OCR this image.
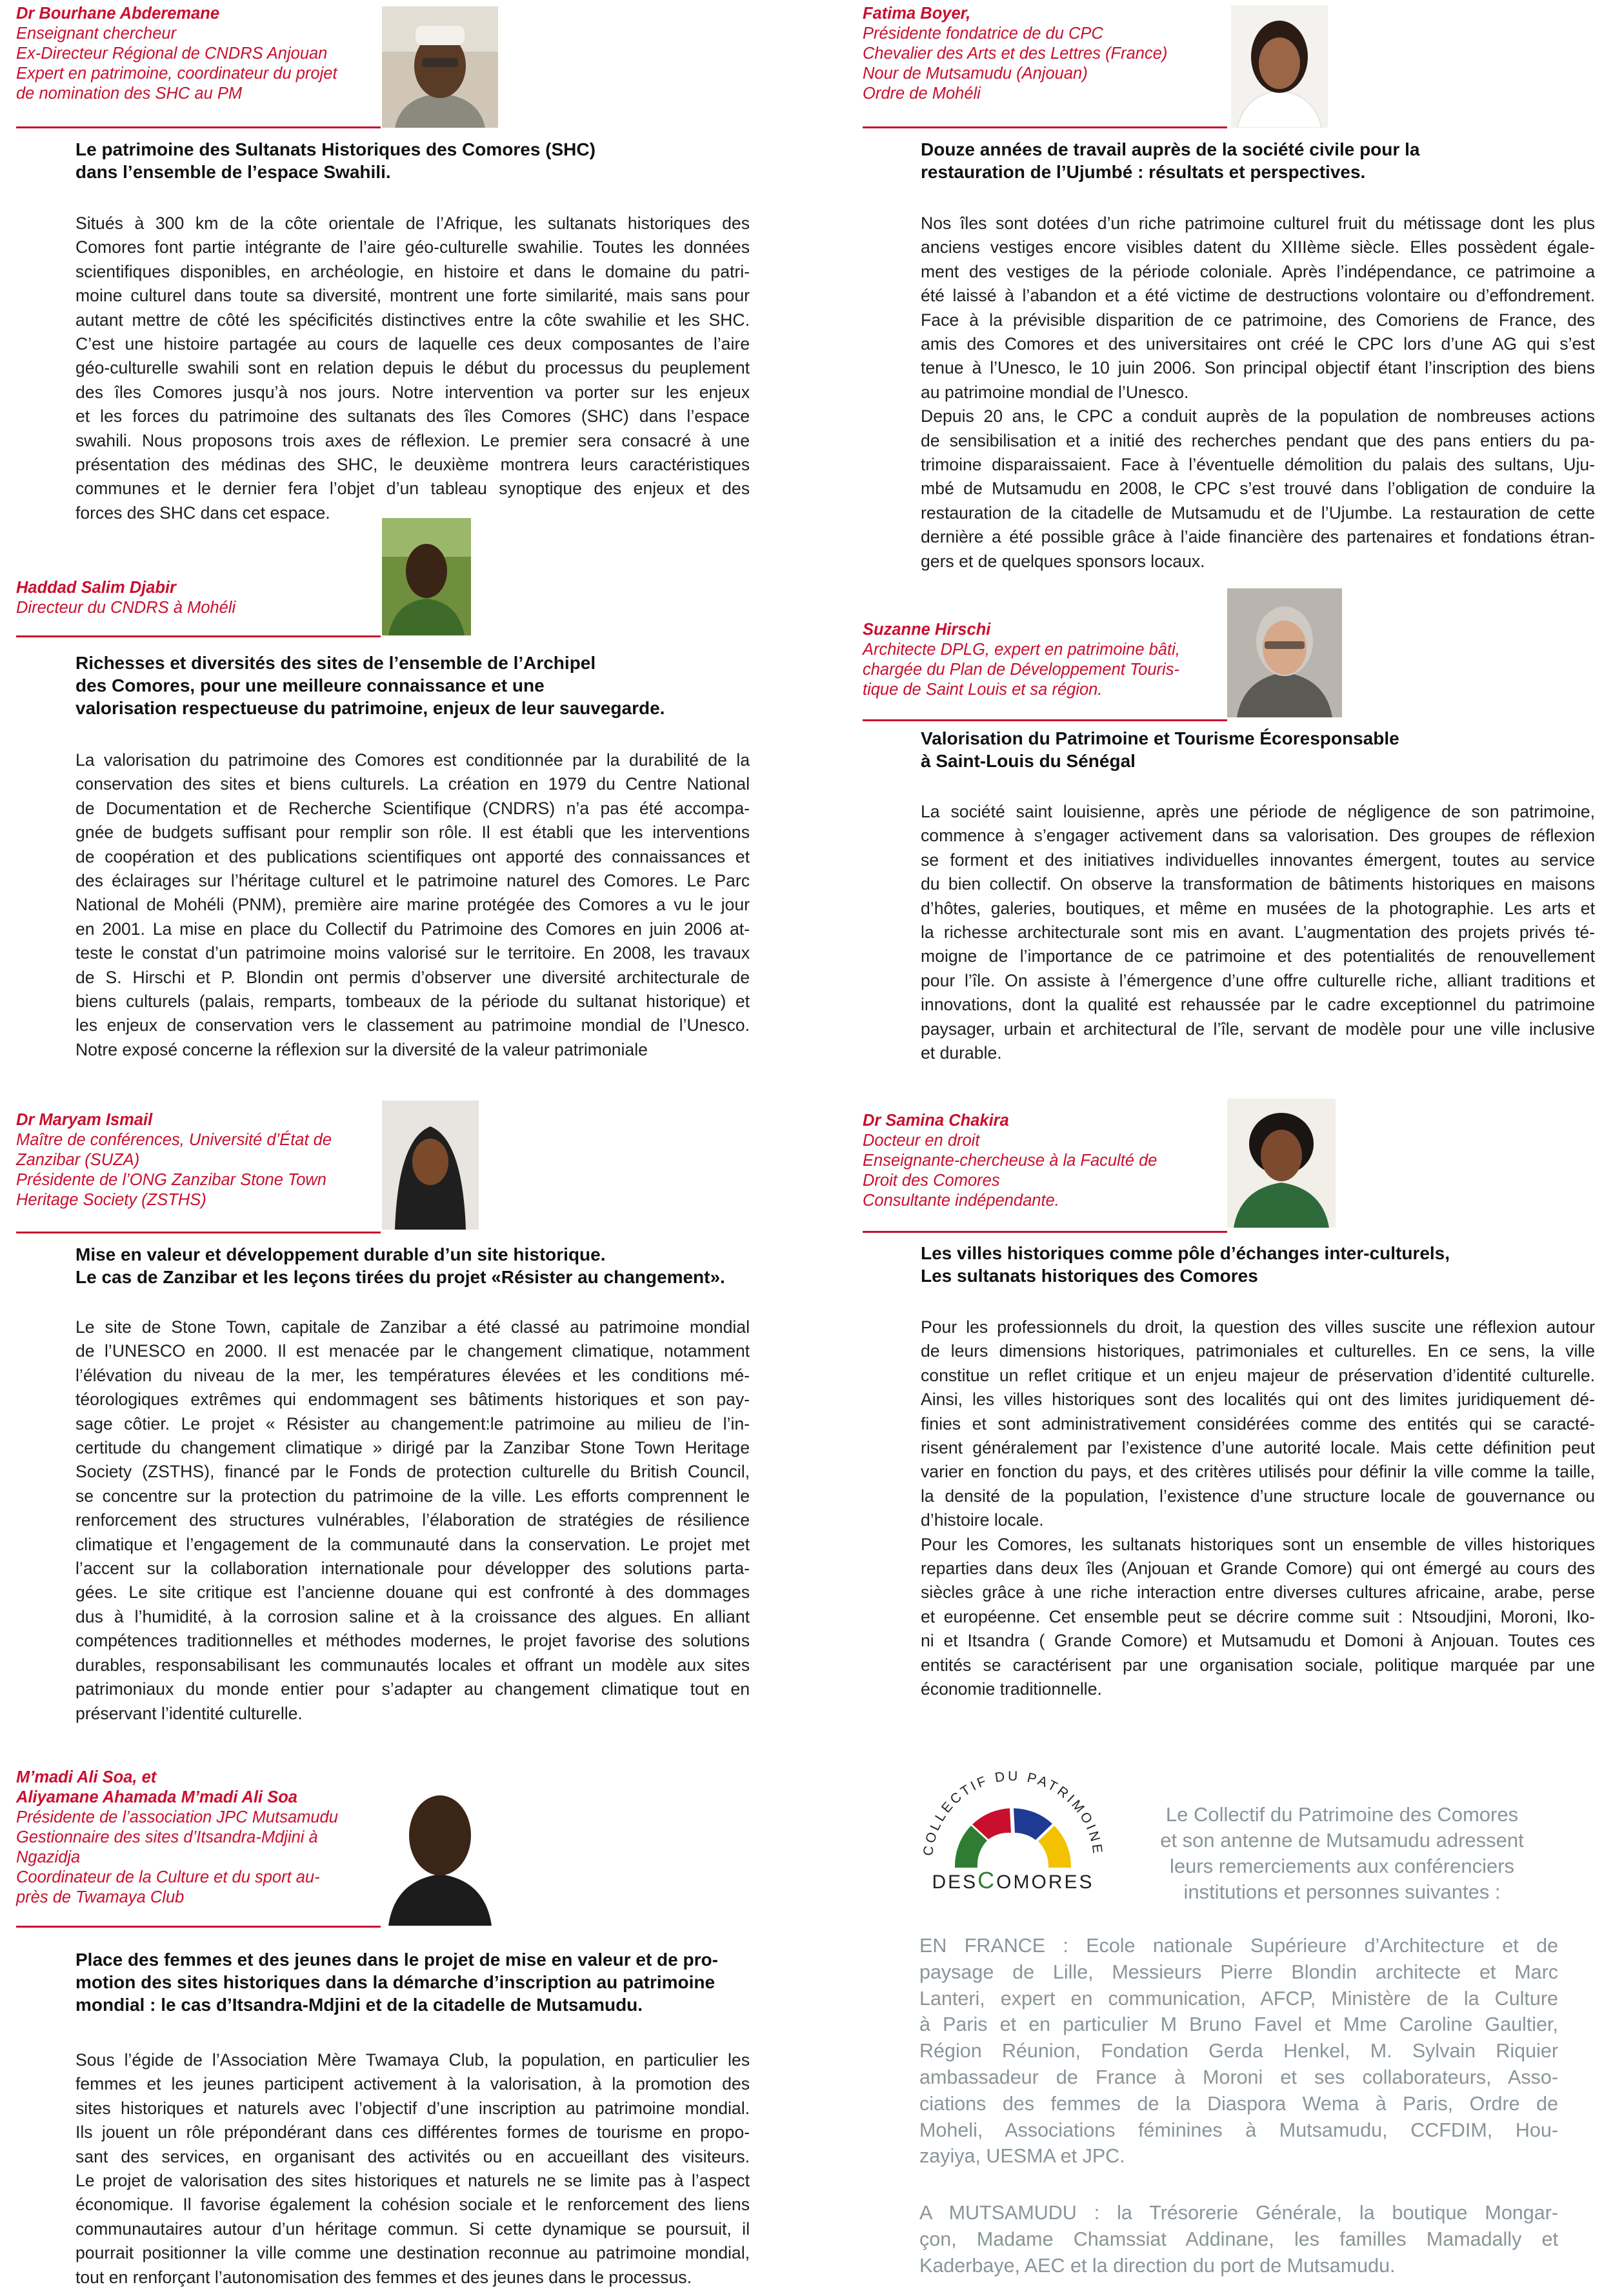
Dr Bourhane Abderemane
Enseignant chercheur
Ex-Directeur Régional de CNDRS Anjouan
Expert en patrimoine, coordinateur du projet
de nomination des SHC au PM
Le patrimoine des Sultanats Historiques des Comores (SHC)
dans l’ensemble de l’espace Swahili.
Situés à 300 km de la côte orientale de l’Afrique, les sultanats historiques des
Comores font partie intégrante de l’aire géo-culturelle swahilie. Toutes les données
scientifiques disponibles, en archéologie, en histoire et dans le domaine du patri-
moine culturel dans toute sa diversité, montrent une forte similarité, mais sans pour
autant mettre de côté les spécificités distinctives entre la côte swahilie et les SHC.
C’est une histoire partagée au cours de laquelle ces deux composantes de l’aire
géo-culturelle swahili sont en relation depuis le début du processus du peuplement
des îles Comores jusqu’à nos jours. Notre intervention va porter sur les enjeux
et les forces du patrimoine des sultanats des îles Comores (SHC) dans l’espace
swahili. Nous proposons trois axes de réflexion. Le premier sera consacré à une
présentation des médinas des SHC, le deuxième montrera leurs caractéristiques
communes et le dernier fera l’objet d’un tableau synoptique des enjeux et des
forces des SHC dans cet espace.
Haddad Salim Djabir
Directeur du CNDRS à Mohéli
Richesses et diversités des sites de l’ensemble de l’Archipel
des Comores, pour une meilleure connaissance et une
valorisation respectueuse du patrimoine, enjeux de leur sauvegarde.
La valorisation du patrimoine des Comores est conditionnée par la durabilité de la
conservation des sites et biens culturels. La création en 1979 du Centre National
de Documentation et de Recherche Scientifique (CNDRS) n’a pas été accompa-
gnée de budgets suffisant pour remplir son rôle. Il est établi que les interventions
de coopération et des publications scientifiques ont apporté des connaissances et
des éclairages sur l’héritage culturel et le patrimoine naturel des Comores. Le Parc
National de Mohéli (PNM), première aire marine protégée des Comores a vu le jour
en 2001. La mise en place du Collectif du Patrimoine des Comores en juin 2006 at-
teste le constat d’un patrimoine moins valorisé sur le territoire. En 2008, les travaux
de S. Hirschi et P. Blondin ont permis d’observer une diversité architecturale de
biens culturels (palais, remparts, tombeaux de la période du sultanat historique) et
les enjeux de conservation vers le classement au patrimoine mondial de l’Unesco.
Notre exposé concerne la réflexion sur la diversité de la valeur patrimoniale
Dr Maryam Ismail
Maître de conférences, Université d’État de
Zanzibar (SUZA)
Présidente de l’ONG Zanzibar Stone Town
Heritage Society (ZSTHS)
Mise en valeur et développement durable d’un site historique.
Le cas de Zanzibar et les leçons tirées du projet «Résister au changement».
Le site de Stone Town, capitale de Zanzibar a été classé au patrimoine mondial
de l’UNESCO en 2000. Il est menacée par le changement climatique, notamment
l’élévation du niveau de la mer, les températures élevées et les conditions mé-
téorologiques extrêmes qui endommagent ses bâtiments historiques et son pay-
sage côtier. Le projet « Résister au changement:le patrimoine au milieu de l’in-
certitude du changement climatique » dirigé par la Zanzibar Stone Town Heritage
Society (ZSTHS), financé par le Fonds de protection culturelle du British Council,
se concentre sur la protection du patrimoine de la ville. Les efforts comprennent le
renforcement des structures vulnérables, l’élaboration de stratégies de résilience
climatique et l’engagement de la communauté dans la conservation. Le projet met
l’accent sur la collaboration internationale pour développer des solutions parta-
gées. Le site critique est l’ancienne douane qui est confronté à des dommages
dus à l’humidité, à la corrosion saline et à la croissance des algues. En alliant
compétences traditionnelles et méthodes modernes, le projet favorise des solutions
durables, responsabilisant les communautés locales et offrant un modèle aux sites
patrimoniaux du monde entier pour s’adapter au changement climatique tout en
préservant l’identité culturelle.
M’madi Ali Soa, et
Aliyamane Ahamada M’madi Ali Soa
Présidente de l’association JPC Mutsamudu
Gestionnaire des sites d’Itsandra-Mdjini à
Ngazidja
Coordinateur de la Culture et du sport au-
près de Twamaya Club
Place des femmes et des jeunes dans le projet de mise en valeur et de pro-
motion des sites historiques dans la démarche d’inscription au patrimoine
mondial : le cas d’Itsandra-Mdjini et de la citadelle de Mutsamudu.
Sous l’égide de l’Association Mère Twamaya Club, la population, en particulier les
femmes et les jeunes participent activement à la valorisation, à la promotion des
sites historiques et naturels avec l’objectif d’une inscription au patrimoine mondial.
Ils jouent un rôle prépondérant dans ces différentes formes de tourisme en propo-
sant des services, en organisant des activités ou en accueillant des visiteurs.
Le projet de valorisation des sites historiques et naturels ne se limite pas à l’aspect
économique. Il favorise également la cohésion sociale et le renforcement des liens
communautaires autour d’un héritage commun. Si cette dynamique se poursuit, il
pourrait positionner la ville comme une destination reconnue au patrimoine mondial,
tout en renforçant l’autonomisation des femmes et des jeunes dans le processus.
Fatima Boyer,
Présidente fondatrice de du CPC
Chevalier des Arts et des Lettres (France)
Nour de Mutsamudu (Anjouan)
Ordre de Mohéli
Douze années de travail auprès de la société civile pour la
restauration de l’Ujumbé : résultats et perspectives.
Nos îles sont dotées d’un riche patrimoine culturel fruit du métissage dont les plus
anciens vestiges encore visibles datent du XIIIème siècle. Elles possèdent égale-
ment des vestiges de la période coloniale. Après l’indépendance, ce patrimoine a
été laissé à l’abandon et a été victime de destructions volontaire ou d’effondrement.
Face à la prévisible disparition de ce patrimoine, des Comoriens de France, des
amis des Comores et des universitaires ont créé le CPC lors d’une AG qui s’est
tenue à l’Unesco, le 10 juin 2006. Son principal objectif étant l’inscription des biens
au patrimoine mondial de l’Unesco.
Depuis 20 ans, le CPC a conduit auprès de la population de nombreuses actions
de sensibilisation et a initié des recherches pendant que des pans entiers du pa-
trimoine disparaissaient. Face à l’éventuelle démolition du palais des sultans, Uju-
mbé de Mutsamudu en 2008, le CPC s’est trouvé dans l’obligation de conduire la
restauration de la citadelle de Mutsamudu et de l’Ujumbe. La restauration de cette
dernière a été possible grâce à l’aide financière des partenaires et fondations étran-
gers et de quelques sponsors locaux.
Suzanne Hirschi
Architecte DPLG, expert en patrimoine bâti,
chargée du Plan de Développement Touris-
tique de Saint Louis et sa région.
Valorisation du Patrimoine et Tourisme Écoresponsable
à Saint-Louis du Sénégal
La société saint louisienne, après une période de négligence de son patrimoine,
commence à s’engager activement dans sa valorisation. Des groupes de réflexion
se forment et des initiatives individuelles innovantes émergent, toutes au service
du bien collectif. On observe la transformation de bâtiments historiques en maisons
d’hôtes, galeries, boutiques, et même en musées de la photographie. Les arts et
la richesse architecturale sont mis en avant. L’augmentation des projets privés té-
moigne de l’importance de ce patrimoine et des potentialités de renouvellement
pour l’île. On assiste à l’émergence d’une offre culturelle riche, alliant traditions et
innovations, dont la qualité est rehaussée par le cadre exceptionnel du patrimoine
paysager, urbain et architectural de l’île, servant de modèle pour une ville inclusive
et durable.
Dr Samina Chakira
Docteur en droit
Enseignante-chercheuse à la Faculté de
Droit des Comores
Consultante indépendante.
Les villes historiques comme pôle d’échanges inter-culturels,
Les sultanats historiques des Comores
Pour les professionnels du droit, la question des villes suscite une réflexion autour
de leurs dimensions historiques, patrimoniales et culturelles. En ce sens, la ville
constitue un reflet critique et un enjeu majeur de préservation d’identité culturelle.
Ainsi, les villes historiques sont des localités qui ont des limites juridiquement dé-
finies et sont administrativement considérées comme des entités qui se caracté-
risent généralement par l’existence d’une autorité locale. Mais cette définition peut
varier en fonction du pays, et des critères utilisés pour définir la ville comme la taille,
la densité de la population, l’existence d’une structure locale de gouvernance ou
d’histoire locale.
Pour les Comores, les sultanats historiques sont un ensemble de villes historiques
reparties dans deux îles (Anjouan et Grande Comore) qui ont émergé au cours des
siècles grâce à une riche interaction entre diverses cultures africaine, arabe, perse
et européenne. Cet ensemble peut se décrire comme suit : Ntsoudjini, Moroni, Iko-
ni et Itsandra ( Grande Comore) et Mutsamudu et Domoni à Anjouan. Toutes ces
entités se caractérisent par une organisation sociale, politique marquée par une
économie traditionnelle.
COLLECTIF DU PATRIMOINE
DESCOMORES
Le Collectif du Patrimoine des Comores
et son antenne de Mutsamudu adressent
leurs remerciements aux conférenciers
institutions et personnes suivantes :
EN FRANCE : Ecole nationale Supérieure d’Architecture et de
paysage de Lille, Messieurs Pierre Blondin architecte et Marc
Lanteri, expert en communication, AFCP, Ministère de la Culture
à Paris et en particulier M Bruno Favel et Mme Caroline Gaultier,
Région Réunion, Fondation Gerda Henkel, M. Sylvain Riquier
ambassadeur de France à Moroni et ses collaborateurs, Asso-
ciations des femmes de la Diaspora Wema à Paris, Ordre de
Moheli, Associations féminines à Mutsamudu, CCFDIM, Hou-
zayiya, UESMA et JPC.
A MUTSAMUDU : la Trésorerie Générale, la boutique Mongar-
çon, Madame Chamssiat Addinane, les familles Mamadally et
Kaderbaye, AEC et la direction du port de Mutsamudu.
